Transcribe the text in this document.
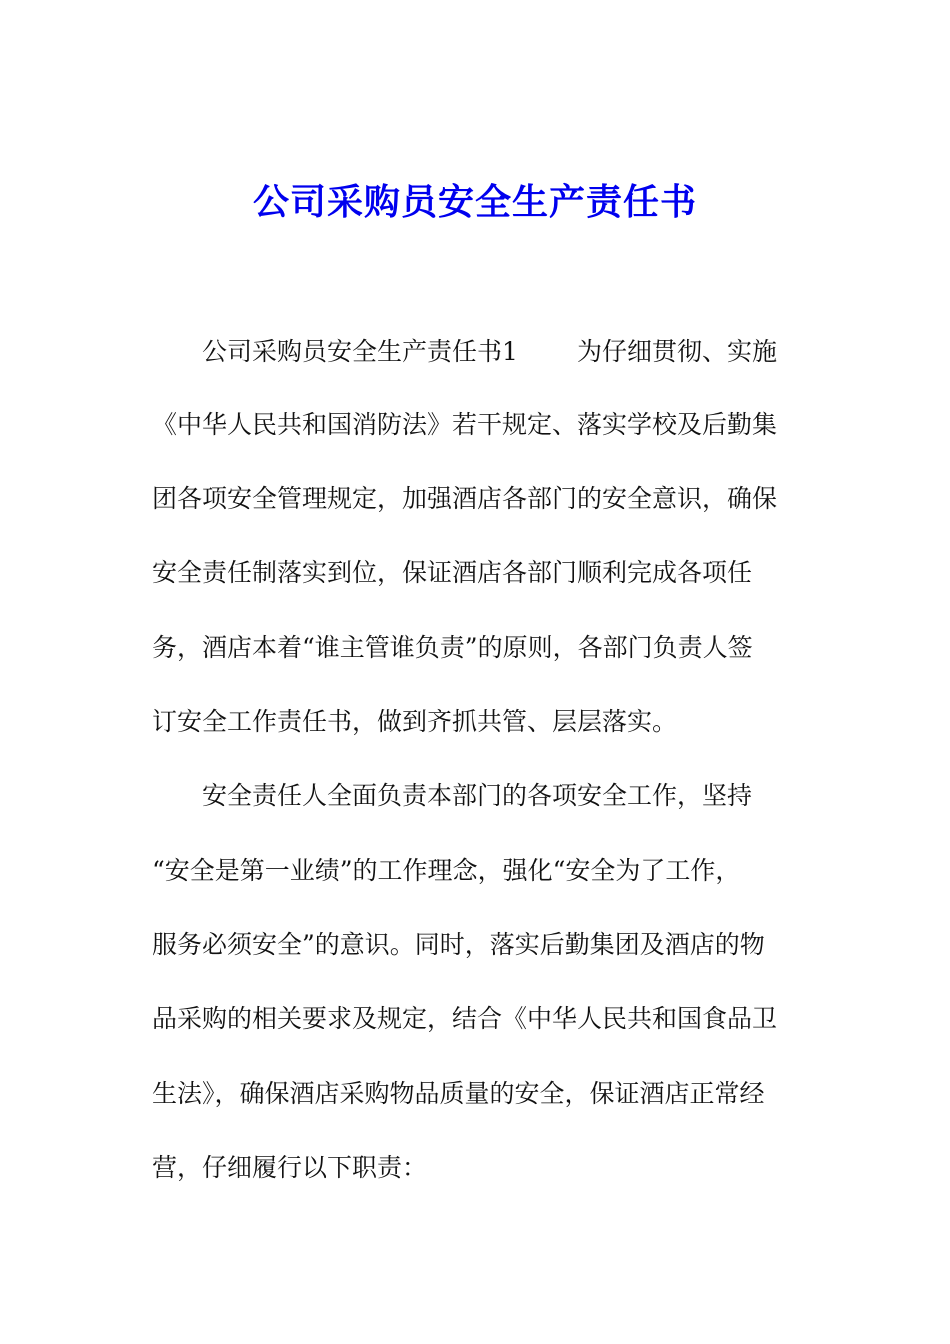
公司采购员安全生产责任书
公司采购员安全生产责任书1 为仔细贯彻、实施
《中华人民共和国消防法》若干规定、落实学校及后勤集
团各项安全管理规定，加强酒店各部门的安全意识，确保
安全责任制落实到位，保证酒店各部门顺利完成各项任
务，酒店本着“谁主管谁负责”的原则，各部门负责人签
订安全工作责任书，做到齐抓共管、层层落实。
安全责任人全面负责本部门的各项安全工作，坚持
“安全是第一业绩”的工作理念，强化“安全为了工作，
服务必须安全”的意识。同时，落实后勤集团及酒店的物
品采购的相关要求及规定，结合《中华人民共和国食品卫
生法》，确保酒店采购物品质量的安全，保证酒店正常经
营，仔细履行以下职责：
